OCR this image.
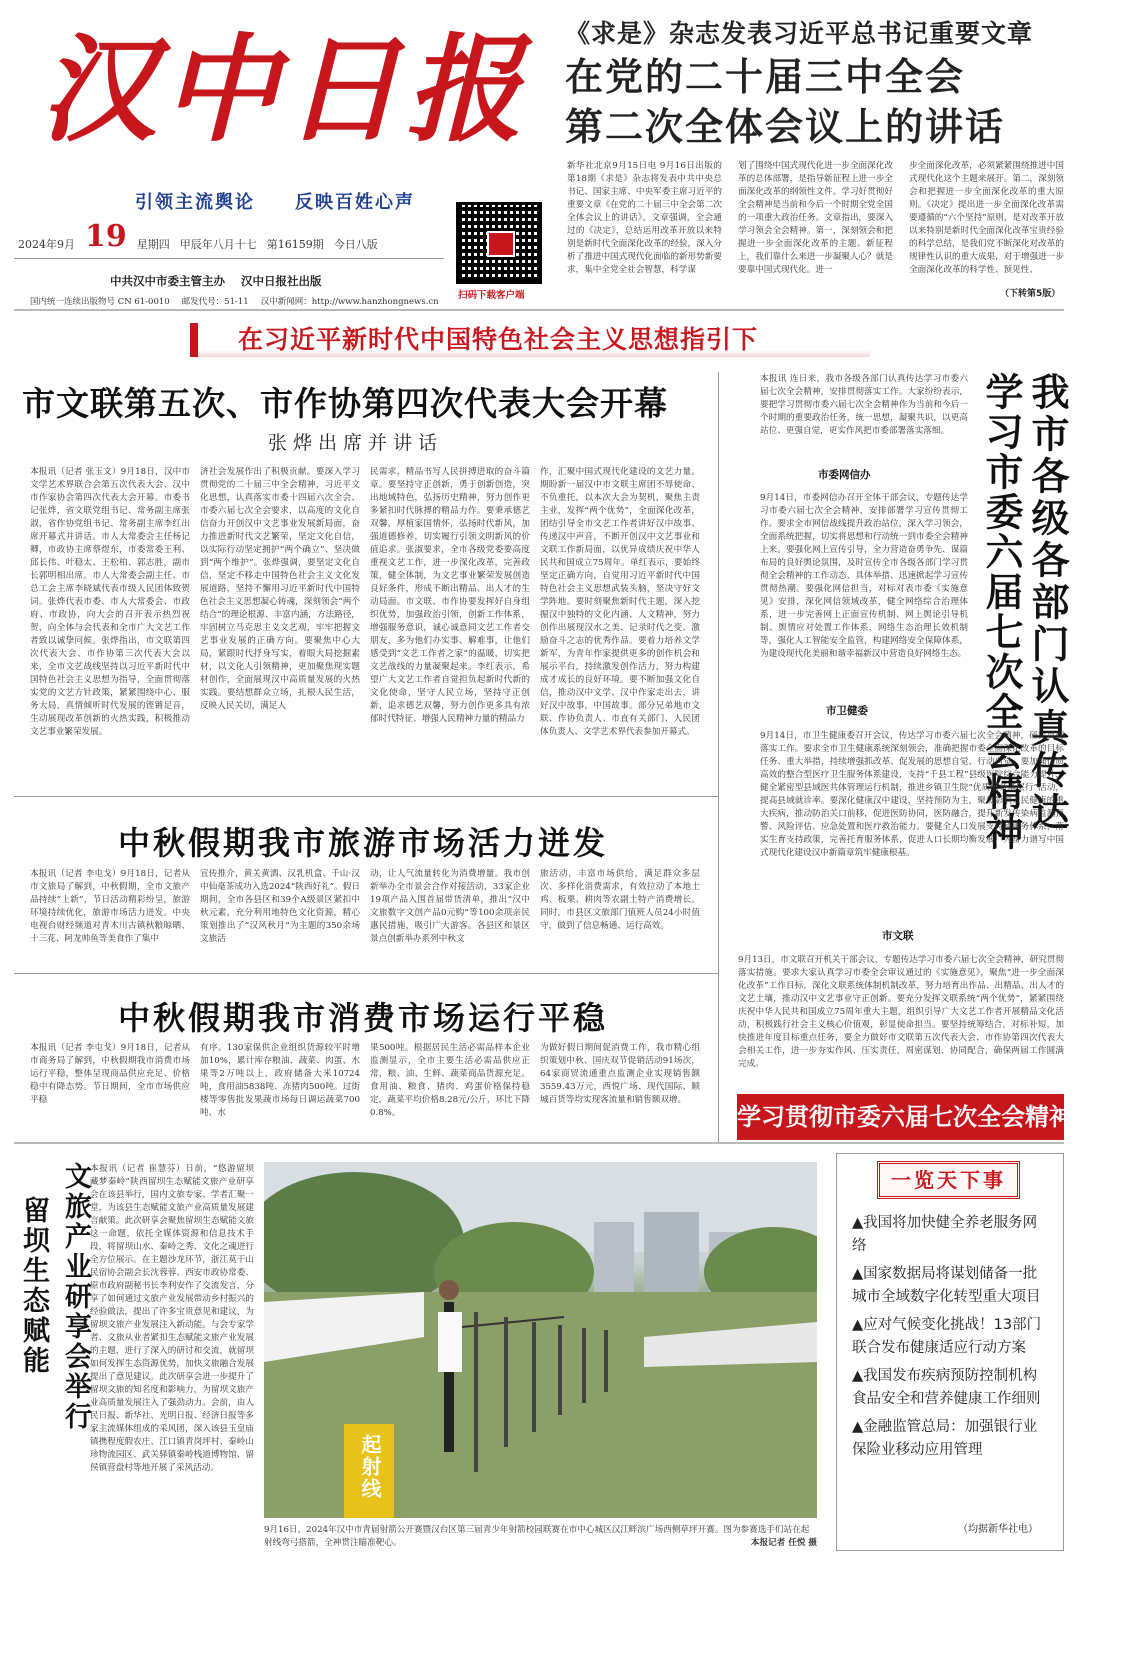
汉中日报
引领主流舆论 反映百姓心声
2024年9月 19 星期四 甲辰年八月十七 第16159期 今日八版
中共汉中市委主管主办 汉中日报社出版
国内统一连续出版物号 CN 61-0010 邮发代号：51-11 汉中新闻网：http://www.hanzhongnews.cn
扫码下载客户端
《求是》杂志发表习近平总书记重要文章
在党的二十届三中全会
第二次全体会议上的讲话
新华社北京9月15日电 9月16日出版的第18期《求是》杂志将发表中共中央总书记、国家主席、中央军委主席习近平的重要文章《在党的二十届三中全会第二次全体会议上的讲话》。文章强调，全会通过的《决定》，总结运用改革开放以来特别是新时代全面深化改革的经验，深入分析了推进中国式现代化面临的新形势新要求，集中全党全社会智慧，科学谋
划了围绕中国式现代化进一步全面深化改革的总体部署，是指导新征程上进一步全面深化改革的纲领性文件。学习好贯彻好全会精神是当前和今后一个时期全党全国的一项重大政治任务。文章指出，要深入学习领会全会精神。第一，深刻领会和把握进一步全面深化改革的主题。新征程上，我们靠什么来进一步凝聚人心？就是要靠中国式现代化。进一
步全面深化改革，必须紧紧围绕推进中国式现代化这个主题来展开。第二，深刻领会和把握进一步全面深化改革的重大原则。《决定》提出进一步全面深化改革需要遵循的“六个坚持”原则，是对改革开放以来特别是新时代全面深化改革宝贵经验的科学总结，是我们党不断深化对改革的规律性认识的重大成果，对于增强进一步全面深化改革的科学性、预见性、
（下转第5版）
在习近平新时代中国特色社会主义思想指引下
市文联第五次、市作协第四次代表大会开幕
张烨出席并讲话
本报讯（记者 张玉文）9月18日，汉中市文学艺术界联合会第五次代表大会、汉中市作家协会第四次代表大会开幕。市委书记张烨，省文联党组书记、常务副主席张淑，省作协党组书记、常务副主席李红出席开幕式并讲话。市人大常委会主任杨记卿，市政协主席蔡煜东，市委常委王利、邱长伟、叶稳太、王松柏、郭志胜，副市长郭明相出席。市人大常委会副主任、市总工会主席李晓斌代表市级人民团体致贺词。张烨代表市委、市人大常委会、市政府、市政协，向大会的召开表示热烈祝贺，向全体与会代表和全市广大文艺工作者致以诚挚问候。张烨指出，市文联第四次代表大会、市作协第三次代表大会以来，全市文艺战线坚持以习近平新时代中国特色社会主义思想为指导，全面贯彻落实党的文艺方针政策，紧紧围绕中心、服务大局，真情倾听时代发展的铿锵足音，生动展现改革创新的火热实践，积极推动文艺事业繁荣发展。
济社会发展作出了积极贡献。要深入学习贯彻党的二十届三中全会精神，习近平文化思想，认真落实市委十四届六次全会、市委六届七次全会要求，以高度的文化自信奋力开创汉中文艺事业发展新局面，奋力推进新时代文艺繁荣，坚定文化自信，以实际行动坚定拥护“两个确立”、坚决做到“两个维护”。张烨强调，要坚定文化自信，坚定不移走中国特色社会主义文化发展道路，坚持不懈用习近平新时代中国特色社会主义思想凝心铸魂，深刻领会“两个结合”的理论根源、丰富内涵，方法路径，牢固树立马克思主义文艺观，牢牢把握文艺事业发展的正确方向。要聚焦中心大局，紧跟时代抒身写实，着眼大局挖掘素材，以文化人引领精神，更加聚焦现实题材创作，全面展现汉中高质量发展的火热实践。要结想群众立场，扎根人民生活，反映人民关切，满足人
民需求，精品书写人民拼搏进取的奋斗篇章。要坚持守正创新，勇于创新创造，突出地域特色，弘扬历史精神，努力创作更多紧扣时代脉搏的精品力作。要秉承德艺双馨，厚植家国情怀，弘扬时代新风，加强道德修养，切实履行引领文明新风的价值追求。张淑要求，全市各级党委要高度重视文艺工作，进一步深化改革，完善政策，健全体制，为文艺事业繁荣发展创造良好条件，形成不断出精品、出人才的生动局面。市文联、市作协要发挥好自身组织优势，加强政治引领，创新工作体系，增强服务意识，诚心诚意同文艺工作者交朋友，多为他们办实事、解难事，让他们感受到“文艺工作者之家”的温暖，切实把文艺战线的力量凝聚起来。李红表示，希望广大文艺工作者自觉担负起新时代新的文化使命，坚守人民立场，坚持守正创新，追求德艺双馨，努力创作更多具有浓郁时代特征、增强人民精神力量的精品力
作，汇聚中国式现代化建设的文艺力量。期盼新一届汉中市文联主席团不辱使命、不负重托，以本次大会为契机，聚焦主责主业，发挥“两个优势”，全面深化改革，团结引导全市文艺工作者讲好汉中故事、传递汉中声音，不断开创汉中文艺事业和文联工作新局面，以优异成绩庆祝中华人民共和国成立75周年。单红表示，要始终坚定正确方向，自觉用习近平新时代中国特色社会主义思想武装头脑，坚决守好文学阵地。要时刻聚焦新时代主题，深入挖掘汉中独特的文化内涵、人文精神，努力创作出展现汉水之美、记录时代之变、激励奋斗之志的优秀作品。要着力培养文学新军，为青年作家提供更多的创作机会和展示平台，持续激发创作活力，努力构建成才成长的良好环境。要不断加强文化自信，推动汉中文学、汉中作家走出去，讲好汉中故事，中国故事。部分兄弟地市文联、作协负责人、市直有关部门、人民团体负责人、文学艺术界代表参加开幕式。	我市各级各部门认真传达
学习市委六届七次全会精神
本报讯 连日来，我市各级各部门认真传达学习市委六届七次全会精神，安排贯彻落实工作。大家纷纷表示，要把学习贯彻市委六届七次全会精神作为当前和今后一个时期的重要政治任务，统一思想，凝聚共识，以更高站位、更强自觉，更实作风把市委部署落实落细。
市委网信办
9月14日，市委网信办召开全体干部会议，专题传达学习市委六届七次全会精神，安排部署学习宣传贯彻工作。要求全市网信战线提升政治站位，深入学习领会，全面系统把握，切实将思想和行动统一到市委全会精神上来。要强化网上宣传引导，全力营造奋勇争先、谋篇布局的良好舆论氛围，及时宣传全市各级各部门学习贯彻全会精神的工作动态、具体举措、迅速掀起学习宣传贯彻热潮。要强化网信担当，对标对表市委《实施意见》安排，深化网信领域改革，健全网络综合治理体系，进一步完善网上正面宣传机制、网上舆论引导机制、舆情应对处置工作体系，网络生态治理长效机制等，强化人工智能安全监管，构建网络安全保障体系，为建设现代化美丽和谐幸福新汉中营造良好网络生态。
市卫健委
9月14日，市卫生健康委召开会议，传达学习市委六届七次全会精神，研究贯彻落实工作。要求全市卫生健康系统深刻领会，准确把握市委全面深化改革的目标任务、重大举措，持续增强抓改革、促发展的思想自觉、行动自觉。要加强优质高效的整合型医疗卫生服务体系建设，支持“千县工程”县级医院综合能力提升，健全紧密型县域医共体管理运行机制，推进乡镇卫生院“优质服务基层行”活动，提高县域就诊率。要深化健康汉中建设，坚持预防为主，聚焦影响人民健康的重大疾病，推动防治关口前移，促进医防协同，医防融合，提升新发传染病监测预警、风险评估、应急处置和医疗救治能力。要健全人口发展支持和服务体系，落实生育支持政策，完善托育服务体系，促进人口长期均衡发展，为奋力谱写中国式现代化建设汉中新篇章筑牢健康根基。
市文联
9月13日，市文联召开机关干部会议，专题传达学习市委六届七次全会精神，研究贯彻落实措施。要求大家认真学习市委全会审议通过的《实施意见》，聚焦“进一步全面深化改革”工作目标，深化文联系统体制机制改革，努力培育出作品、出精品、出人才的文艺土壤，推动汉中文艺事业守正创新。要充分发挥文联系统“两个优势”，紧紧围绕庆祝中华人民共和国成立75周年重大主题，组织引导广大文艺工作者开展精品文化活动，积极践行社会主义核心价值观，彰显使命担当。要坚持统筹结合，对标补短，加快推进年度目标重点任务，要全力做好市文联第五次代表大会、市作协第四次代表大会相关工作，进一步夯实作风、压实责任，周密谋划、协同配合，确保两届工作圆满完成。
学习贯彻市委六届七次全会精神
中秋假期我市旅游市场活力迸发
本报讯（记者 李屯戈）9月18日，记者从市文旅局了解到，中秋假期，全市文旅产品持续“上新”，节日活动精彩纷呈，旅游环境持续优化，旅游市场活力迸发。中央电视台财经频道对青木川古镇秋粮晾晒、十三花、阿龙帅鱼等美食作了集中
宣传推介，黄关黄酒、汉乳机盒、千山·汉中仙毫茶成功入选2024“陕西好礼”。假日期间，全市各县区和39个A级景区紧扣中秋元素，充分利用地特色文化资源，精心策划推出了“汉风秋月”为主题的350余场文旅活
动，让人气流量转化为消费增量。我市创新举办全市景会合作对接活动，33家企业19项产品入围首届带货清单，推出“汉中文旅数字文创产品0元购”等100余项亲民惠民措施，吸引广大游客。各县区和景区景点创新举办系列中秋文
旅活动，丰富市场供给，满足群众多层次、多样化消费需求，有效拉动了本地土鸡、板栗、耕肉等农副土特产消费增长。同时，市县区文旅部门值班人员24小时值守，做到了信息畅通、运行高效。
中秋假期我市消费市场运行平稳
本报讯（记者 李屯戈）9月18日，记者从市商务局了解到，中秋假期我市消费市场运行平稳，整体呈现商品供应充足、价格稳中有降态势。节日期间，全市市场供应平稳
有序。130家保供企业组织货源较平时增加10%，累计库存粮油、蔬菜、肉蛋、水果等2万吨以上，政府储备大米10724吨，食用油5838吨、冻猪肉500吨。过街楼等零售批发果蔬市场每日调运蔬菜700吨、水
果500吨。根据居民生活必需品样本企业监测显示，全市主要生活必需品供应正常，粮、油、生鲜、蔬菜商品货源充足。食用油、粮食、猪肉、鸡蛋价格保持稳定，蔬菜平均价格8.28元/公斤，环比下降0.8%。
为做好假日期间促消费工作，我市精心组织策划中秋、国庆双节促销活动91场次，64家商贸流通重点监测企业实现销售额3559.43万元，西悦广场、现代国际、顺城百货等均实现客流量和销售额双增。
文旅产业研享会举行
留坝生态赋能
本报讯（记者 崔慧芬）日前，“悠游留坝 藏梦秦岭”陕西留坝生态赋能文旅产业研享会在该县举行，国内文旅专家、学者汇聚一堂，为该县生态赋能文旅产业高质量发展建言献策。此次研享会聚焦留坝生态赋能文旅这一命题，依托全媒体资源和信息技术手段，将留坝山水、秦岭之秀、文化之魂进行全方位展示。在主题沙龙环节，浙江莫干山民宿协会副会长沈蓉蓉、西安市政协常委、原市政府副秘书长李利安作了交流发言，分享了如何通过文旅产业发展带动乡村振兴的经验做法，提出了许多宝贵意见和建议，为留坝文旅产业发展注入新动能。与会专家学者、文旅从业者紧扣生态赋能文旅产业发展的主题，进行了深入的研讨和交流，就留坝如何发挥生态资源优势，加快文旅融合发展提出了意见建议。此次研享会进一步提升了留坝文旅的知名度和影响力，为留坝文旅产业高质量发展注入了强劲动力。会前，由人民日报、新华社、光明日报、经济日报等多家主流媒体组成的采风团，深入该县玉皇庙镇携程度假农庄、江口镇青岗坪村、秦岭山珍物流园区、武关驿镇秦岭栈道博物馆、留侯镇营盘村等地开展了采风活动。	起射线
9月16日，2024年汉中市青届射箭公开赛暨汉台区第三届青少年射箭校园联赛在市中心城区汉江畔滨广场西侧草坪开赛。图为参赛选手们站在起射线弯弓搭箭，全神贯注瞄准靶心。	本报记者 任悦 摄
一览天下事
▲我国将加快健全养老服务网络
▲国家数据局将谋划储备一批城市全域数字化转型重大项目
▲应对气候变化挑战！13部门联合发布健康适应行动方案
▲我国发布疾病预防控制机构食品安全和营养健康工作细则
▲金融监管总局：加强银行业保险业移动应用管理
（均据新华社电）
